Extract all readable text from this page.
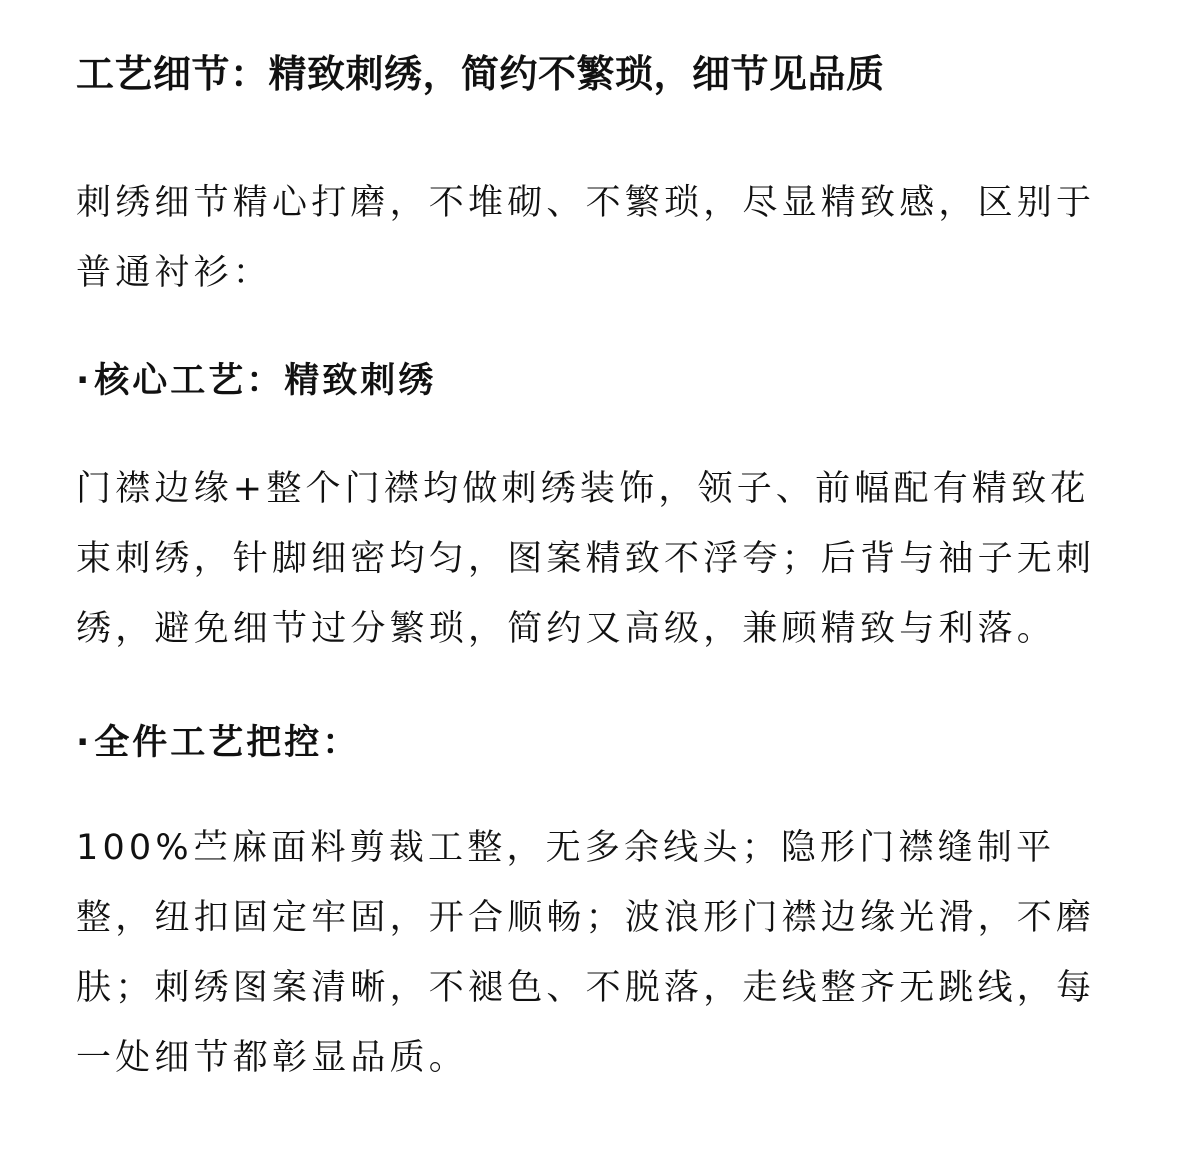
工艺细节：精致刺绣，简约不繁琐，细节见品质

刺绣细节精心打磨，不堆砌、不繁琐，尽显精致感，区别于普通衬衫：

·核心工艺：精致刺绣

门襟边缘+整个门襟均做刺绣装饰，领子、前幅配有精致花束刺绣，针脚细密均匀，图案精致不浮夸；后背与袖子无刺绣，避免细节过分繁琐，简约又高级，兼顾精致与利落。

·全件工艺把控：

100%苎麻面料剪裁工整，无多余线头；隐形门襟缝制平整，纽扣固定牢固，开合顺畅；波浪形门襟边缘光滑，不磨肤；刺绣图案清晰，不褪色、不脱落，走线整齐无跳线，每一处细节都彰显品质。
